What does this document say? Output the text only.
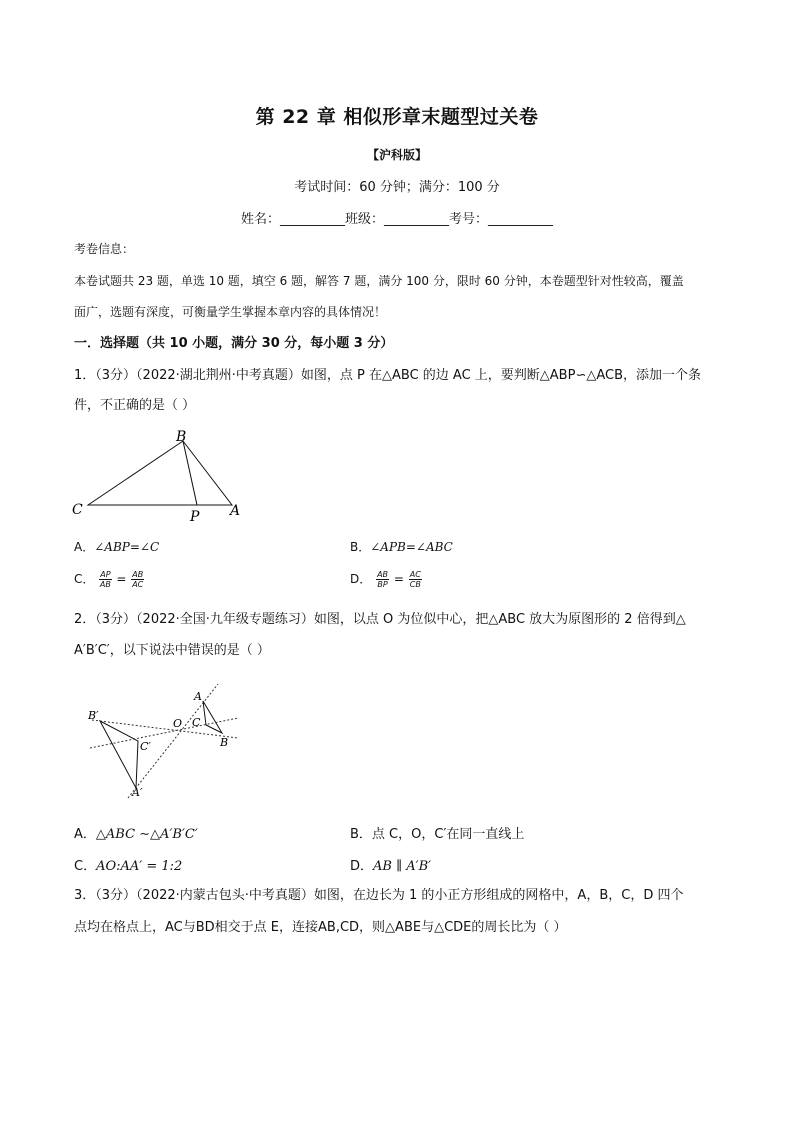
第 22 章 相似形章末题型过关卷
【沪科版】
考试时间：60 分钟；满分：100 分
姓名：__________班级：__________考号：__________
考卷信息：
本卷试题共 23 题，单选 10 题，填空 6 题，解答 7 题，满分 100 分，限时 60 分钟，本卷题型针对性较高，覆盖
面广，选题有深度，可衡量学生掌握本章内容的具体情况！
一．选择题（共 10 小题，满分 30 分，每小题 3 分）
1．（3分）（2022·湖北荆州·中考真题）如图，点 P 在△ABC 的边 AC 上，要判断△ABP∽△ACB，添加一个条
件，不正确的是（ ）
B
C	P A
A．∠ABP=∠C	B．∠APB=∠ABC
C． $\frac{AP}{AB} = \frac{AB}{AC}$	D． $\frac{AB}{BP} = \frac{AC}{CB}$
2．（3分）（2022·全国·九年级专题练习）如图，以点 O 为位似中心，把△ABC 放大为原图形的 2 倍得到△
A′B′C′，以下说法中错误的是（ ）
A
B
C
O
A′
B′
C′
A．△ABC ∼△A′B′C′	B．点 C，O，C′在同一直线上
C．AO:AA′ = 1:2	D．AB ∥ A′B′
3．（3分）（2022·内蒙古包头·中考真题）如图，在边长为 1 的小正方形组成的网格中，A，B，C，D 四个
点均在格点上，AC与BD相交于点 E，连接AB,CD，则△ABE与△CDE的周长比为（ ）
